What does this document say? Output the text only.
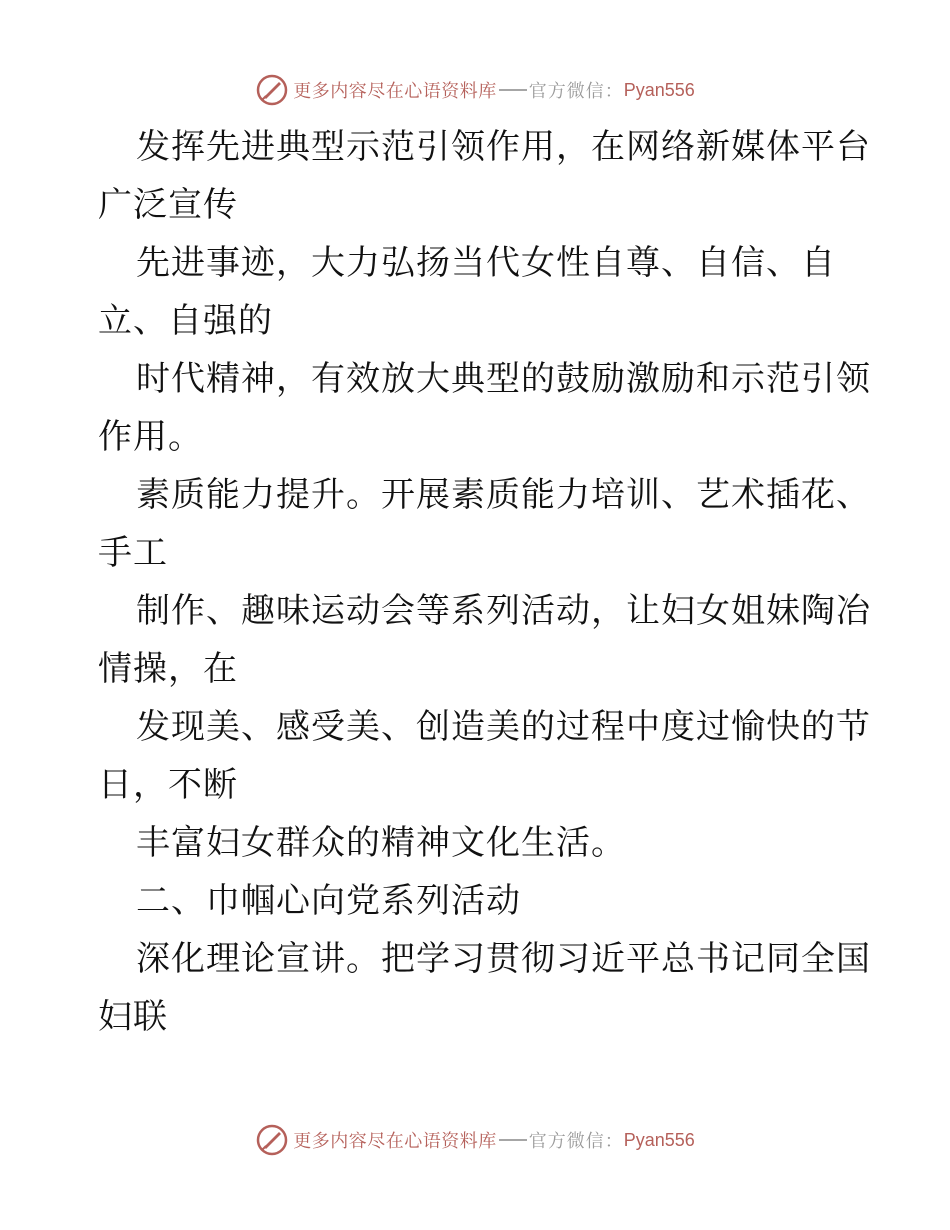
更多内容尽在心语资料库 官方微信： Pyan556
发挥先进典型示范引领作用，在网络新媒体平台
广泛宣传
先进事迹，大力弘扬当代女性自尊、自信、自
立、自强的
时代精神，有效放大典型的鼓励激励和示范引领
作用。
素质能力提升。开展素质能力培训、艺术插花、
手工
制作、趣味运动会等系列活动，让妇女姐妹陶冶
情操，在
发现美、感受美、创造美的过程中度过愉快的节
日，不断
丰富妇女群众的精神文化生活。
二、巾帼心向党系列活动
深化理论宣讲。把学习贯彻习近平总书记同全国
妇联
更多内容尽在心语资料库 官方微信： Pyan556
